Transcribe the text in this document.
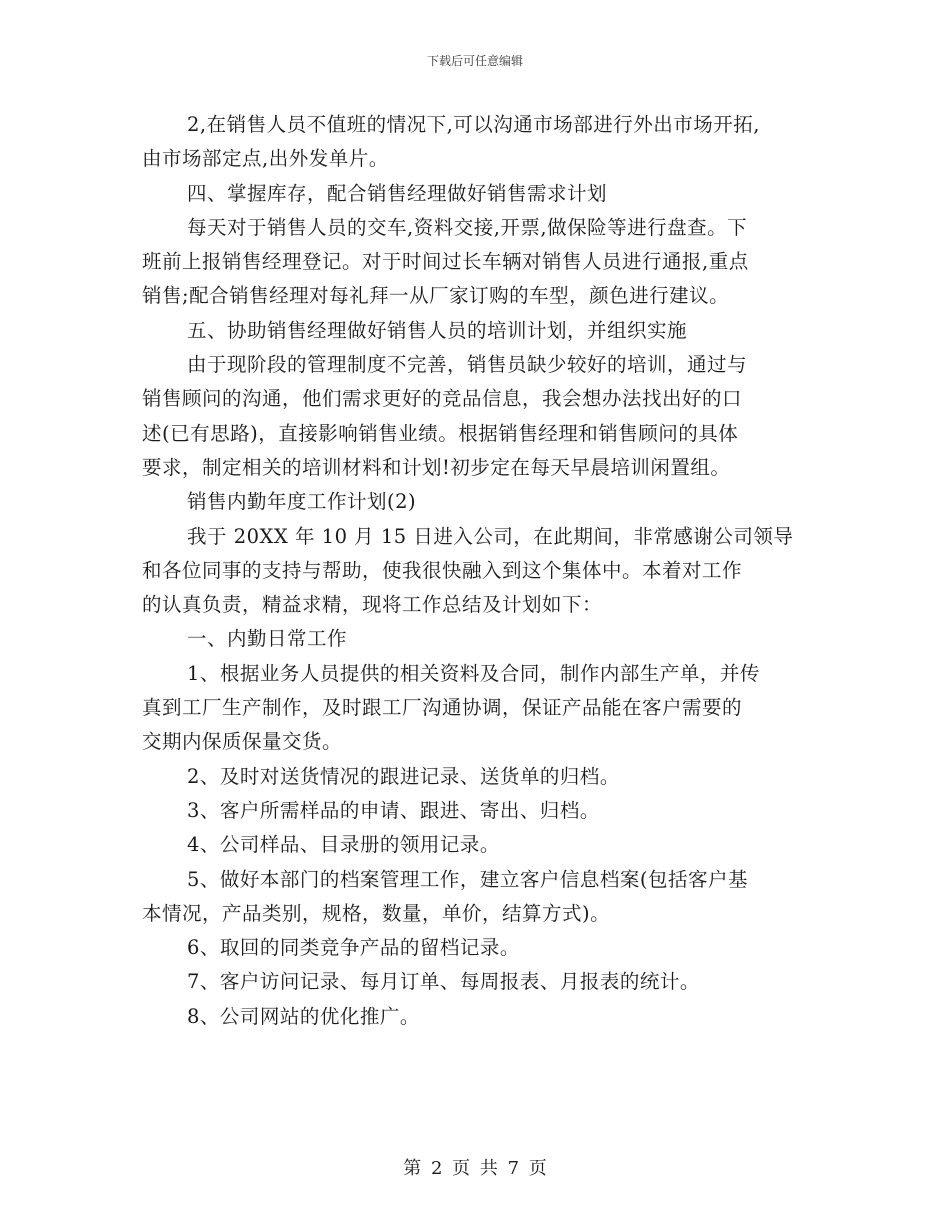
下载后可任意编辑
2,在销售人员不值班的情况下,可以沟通市场部进行外出市场开拓,
由市场部定点,出外发单片。
四、掌握库存，配合销售经理做好销售需求计划
每天对于销售人员的交车,资料交接,开票,做保险等进行盘查。下
班前上报销售经理登记。对于时间过长车辆对销售人员进行通报,重点
销售;配合销售经理对每礼拜一从厂家订购的车型，颜色进行建议。
五、协助销售经理做好销售人员的培训计划，并组织实施
由于现阶段的管理制度不完善，销售员缺少较好的培训，通过与
销售顾问的沟通，他们需求更好的竞品信息，我会想办法找出好的口
述(已有思路)，直接影响销售业绩。根据销售经理和销售顾问的具体
要求，制定相关的培训材料和计划!初步定在每天早晨培训闲置组。
销售内勤年度工作计划(2)
我于 20XX 年 10 月 15 日进入公司，在此期间，非常感谢公司领导
和各位同事的支持与帮助，使我很快融入到这个集体中。本着对工作
的认真负责，精益求精，现将工作总结及计划如下：
一、内勤日常工作
1、根据业务人员提供的相关资料及合同，制作内部生产单，并传
真到工厂生产制作，及时跟工厂沟通协调，保证产品能在客户需要的
交期内保质保量交货。
2、及时对送货情况的跟进记录、送货单的归档。
3、客户所需样品的申请、跟进、寄出、归档。
4、公司样品、目录册的领用记录。
5、做好本部门的档案管理工作，建立客户信息档案(包括客户基
本情况，产品类别，规格，数量，单价，结算方式)。
6、取回的同类竞争产品的留档记录。
7、客户访问记录、每月订单、每周报表、月报表的统计。
8、公司网站的优化推广。
第 2 页 共 7 页
